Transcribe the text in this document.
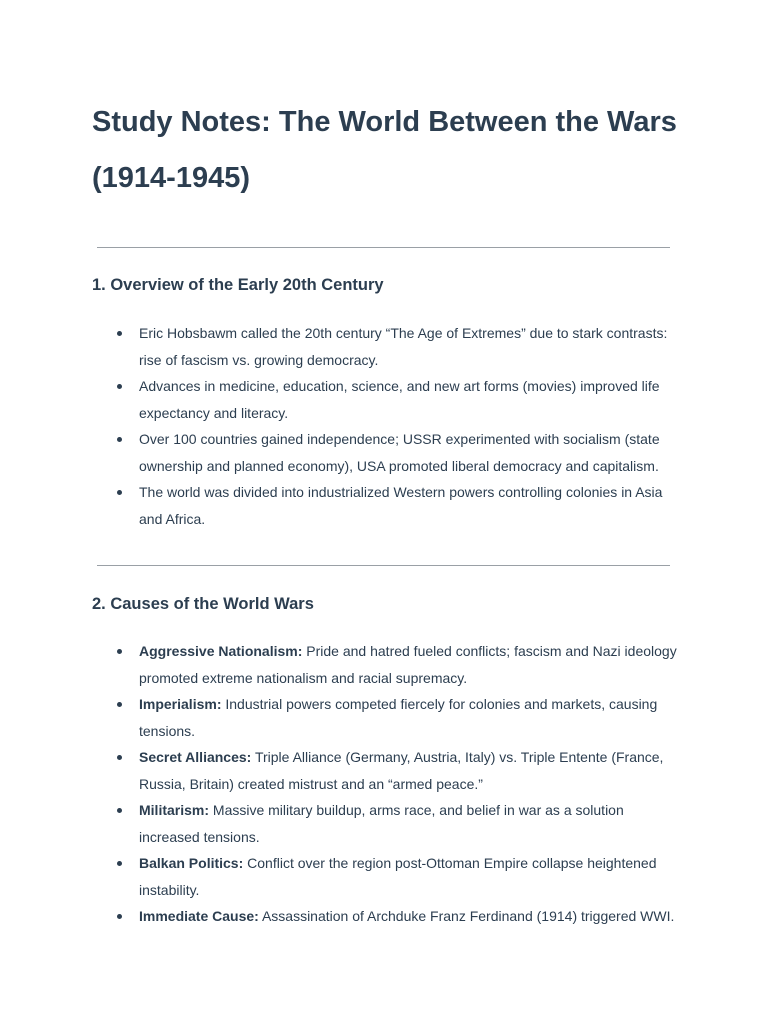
Study Notes: The World Between the Wars (1914-1945)
1. Overview of the Early 20th Century
Eric Hobsbawm called the 20th century “The Age of Extremes” due to stark contrasts: rise of fascism vs. growing democracy.
Advances in medicine, education, science, and new art forms (movies) improved life expectancy and literacy.
Over 100 countries gained independence; USSR experimented with socialism (state ownership and planned economy), USA promoted liberal democracy and capitalism.
The world was divided into industrialized Western powers controlling colonies in Asia and Africa.
2. Causes of the World Wars
Aggressive Nationalism: Pride and hatred fueled conflicts; fascism and Nazi ideology promoted extreme nationalism and racial supremacy.
Imperialism: Industrial powers competed fiercely for colonies and markets, causing tensions.
Secret Alliances: Triple Alliance (Germany, Austria, Italy) vs. Triple Entente (France, Russia, Britain) created mistrust and an “armed peace.”
Militarism: Massive military buildup, arms race, and belief in war as a solution increased tensions.
Balkan Politics: Conflict over the region post-Ottoman Empire collapse heightened instability.
Immediate Cause: Assassination of Archduke Franz Ferdinand (1914) triggered WWI.
